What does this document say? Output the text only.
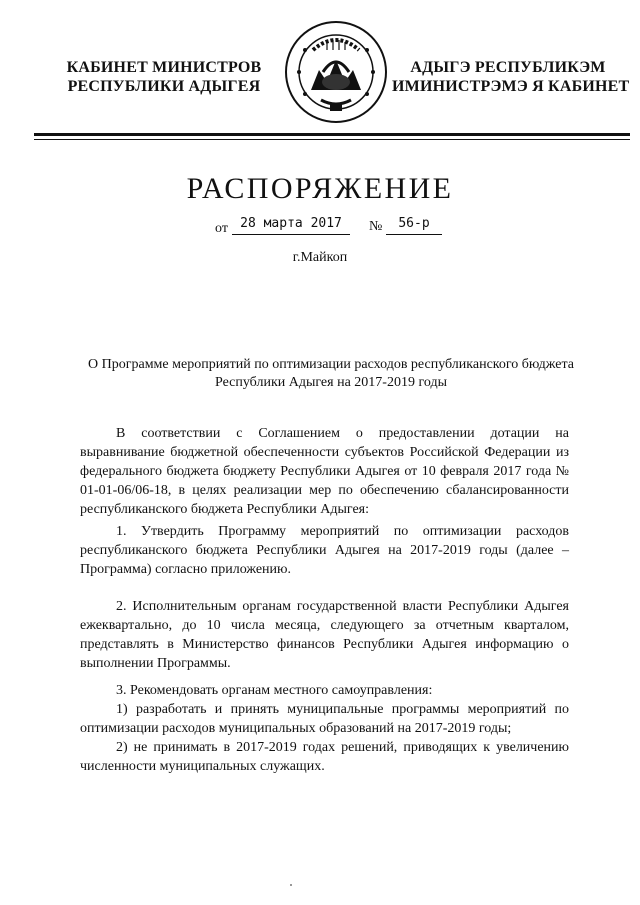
КАБИНЕТ МИНИСТРОВ
РЕСПУБЛИКИ АДЫГЕЯ
АДЫГЭ РЕСПУБЛИКЭМ
ИМИНИСТРЭМЭ Я КАБИНЕТ
РАСПОРЯЖЕНИЕ
от 28 марта 2017	№	56-р
г.Майкоп
О Программе мероприятий по оптимизации расходов республиканского бюджета Республики Адыгея на 2017-2019 годы
В соответствии с Соглашением о предоставлении дотации на выравнивание бюджетной обеспеченности субъектов Российской Федерации из федерального бюджета бюджету Республики Адыгея от 10 февраля 2017 года № 01-01-06/06-18, в целях реализации мер по обеспечению сбалансированности республиканского бюджета Республики Адыгея:
1. Утвердить Программу мероприятий по оптимизации расходов республиканского бюджета Республики Адыгея на 2017-2019 годы (далее – Программа) согласно приложению.
2. Исполнительным органам государственной власти Республики Адыгея ежеквартально, до 10 числа месяца, следующего за отчетным кварталом, представлять в Министерство финансов Республики Адыгея информацию о выполнении Программы.
3. Рекомендовать органам местного самоуправления:
1) разработать и принять муниципальные программы мероприятий по оптимизации расходов муниципальных образований на 2017-2019 годы;
2) не принимать в 2017-2019 годах решений, приводящих к увеличению численности муниципальных служащих.
